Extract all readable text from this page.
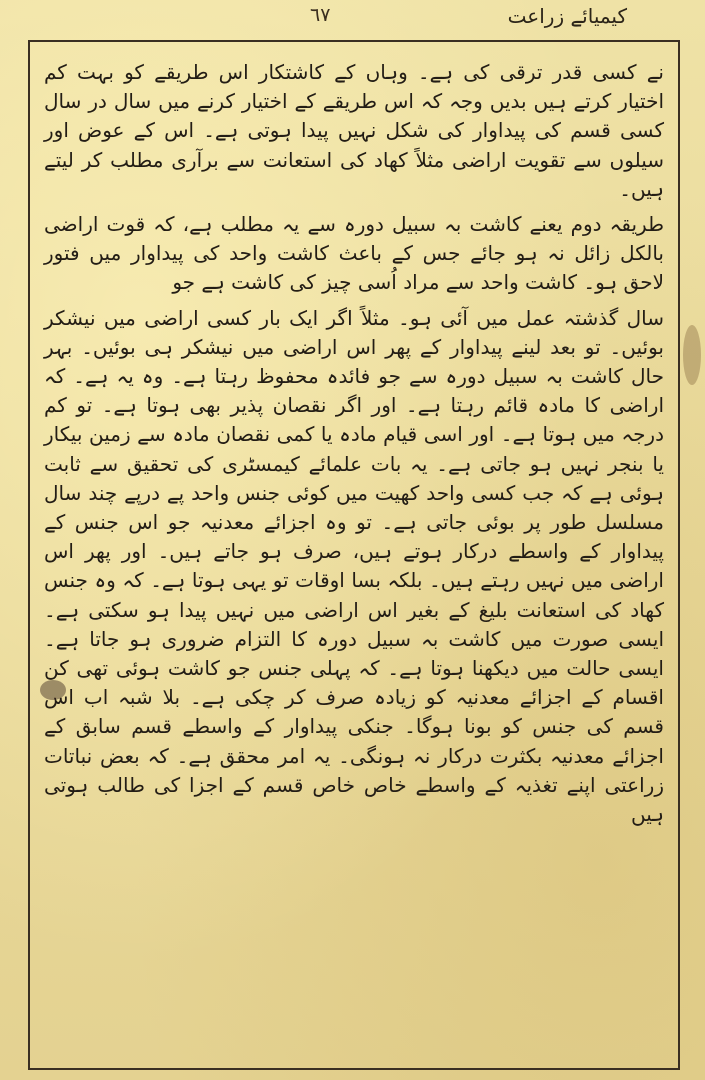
٦٧	کیمیائے زراعت

نے کسی قدر ترقی کی ہے۔ وہاں کے کاشتکار اس طریقے کو بہت کم اختیار کرتے ہیں بدیں وجہ کہ اس طریقے کے اختیار کرنے میں سال در سال کسی قسم کی پیداوار کی شکل نہیں پیدا ہوتی ہے۔ اس کے عوض اور سیلوں سے تقویت اراضی مثلاً کھاد کی استعانت سے برآری مطلب کر لیتے ہیں۔

طریقہ دوم یعنے کاشت بہ سبیل دورہ سے یہ مطلب ہے، کہ قوت اراضی بالکل زائل نہ ہو جائے جس کے باعث کاشت واحد کی پیداوار میں فتور لاحق ہو۔ کاشت واحد سے مراد اُسی چیز کی کاشت ہے جو

سال گذشتہ عمل میں آئی ہو۔ مثلاً اگر ایک بار کسی اراضی میں نیشکر بوئیں۔ تو بعد لینے پیداوار کے پھر اس اراضی میں نیشکر ہی بوئیں۔ بہر حال کاشت بہ سبیل دورہ سے جو فائدہ محفوظ رہتا ہے۔ وہ یہ ہے۔ کہ اراضی کا مادہ قائم رہتا ہے۔ اور اگر نقصان پذیر بھی ہوتا ہے۔ تو کم درجہ میں ہوتا ہے۔ اور اسی قیام مادہ یا کمی نقصان مادہ سے زمین بیکار یا بنجر نہیں ہو جاتی ہے۔ یہ بات علمائے کیمسٹری کی تحقیق سے ثابت ہوئی ہے کہ جب کسی واحد کھیت میں کوئی جنس واحد پے درپے چند سال مسلسل طور پر بوئی جاتی ہے۔ تو وہ اجزائے معدنیہ جو اس جنس کے پیداوار کے واسطے درکار ہوتے ہیں، صرف ہو جاتے ہیں۔ اور پھر اس اراضی میں نہیں رہتے ہیں۔ بلکہ بسا اوقات تو یہی ہوتا ہے۔ کہ وہ جنس کھاد کی استعانت بلیغ کے بغیر اس اراضی میں نہیں پیدا ہو سکتی ہے۔ ایسی صورت میں کاشت بہ سبیل دورہ کا التزام ضروری ہو جاتا ہے۔ ایسی حالت میں دیکھنا ہوتا ہے۔ کہ پہلی جنس جو کاشت ہوئی تھی کن اقسام کے اجزائے معدنیہ کو زیادہ صرف کر چکی ہے۔ بلا شبہ اب اس قسم کی جنس کو بونا ہوگا۔ جنکی پیداوار کے واسطے قسم سابق کے اجزائے معدنیہ بکثرت درکار نہ ہونگی۔ یہ امر محقق ہے۔ کہ بعض نباتات زراعتی اپنے تغذیہ کے واسطے خاص خاص قسم کے اجزا کی طالب ہوتی ہیں
